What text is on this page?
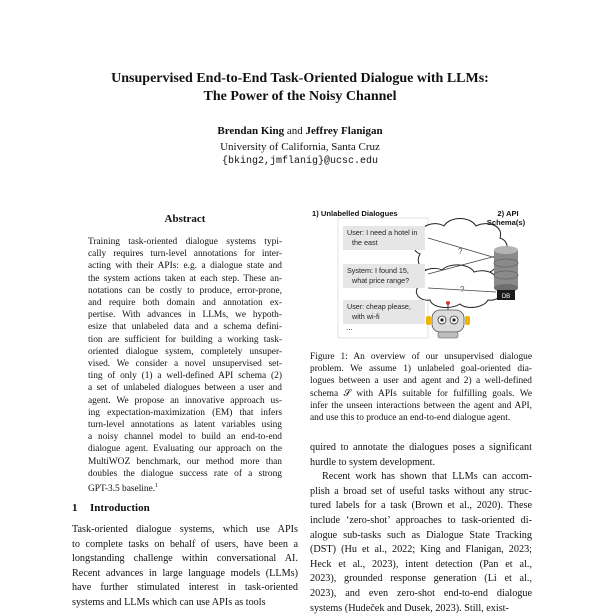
Unsupervised End-to-End Task-Oriented Dialogue with LLMs:
The Power of the Noisy Channel
Brendan King and Jeffrey Flanigan
University of California, Santa Cruz
{bking2,jmflanig}@ucsc.edu
Abstract
Training task-oriented dialogue systems typi-
cally requires turn-level annotations for inter-
acting with their APIs: e.g. a dialogue state and
the system actions taken at each step. These an-
notations can be costly to produce, error-prone,
and require both domain and annotation ex-
pertise. With advances in LLMs, we hypoth-
esize that unlabeled data and a schema defini-
tion are sufficient for building a working task-
oriented dialogue system, completely unsuper-
vised. We consider a novel unsupervised set-
ting of only (1) a well-defined API schema (2)
a set of unlabeled dialogues between a user and
agent. We propose an innovative approach us-
ing expectation-maximization (EM) that infers
turn-level annotations as latent variables using
a noisy channel model to build an end-to-end
dialogue agent. Evaluating our approach on the
MultiWOZ benchmark, our method more than
doubles the dialogue success rate of a strong
GPT-3.5 baseline.$^1$
1 Introduction
Task-oriented dialogue systems, which use APIs
to complete tasks on behalf of users, have been a
longstanding challenge within conversational AI.
Recent advances in large language models (LLMs)
have further stimulated interest in task-oriented
systems and LLMs which can use APIs as tools
?
?
DB
1) Unlabelled Dialogues	2) API
Schema(s)
User: I need a hotel in
the east
System: I found 15,
what price range?
User: cheap please,
with wi-fi
...
Figure 1: An overview of our unsupervised dialogue
problem. We assume 1) unlabeled goal-oriented dia-
logues between a user and agent and 2) a well-defined
schema 𝒮 with APIs suitable for fulfilling goals. We
infer the unseen interactions between the agent and API,
and use this to produce an end-to-end dialogue agent.
quired to annotate the dialogues poses a significant
hurdle to system development.
Recent work has shown that LLMs can accom-
plish a broad set of useful tasks without any struc-
tured labels for a task (Brown et al., 2020). These
include ‘zero-shot’ approaches to task-oriented di-
alogue sub-tasks such as Dialogue State Tracking
(DST) (Hu et al., 2022; King and Flanigan, 2023;
Heck et al., 2023), intent detection (Pan et al.,
2023), grounded response generation (Li et al.,
2023), and even zero-shot end-to-end dialogue
systems (Hudeček and Dusek, 2023). Still, exist-
